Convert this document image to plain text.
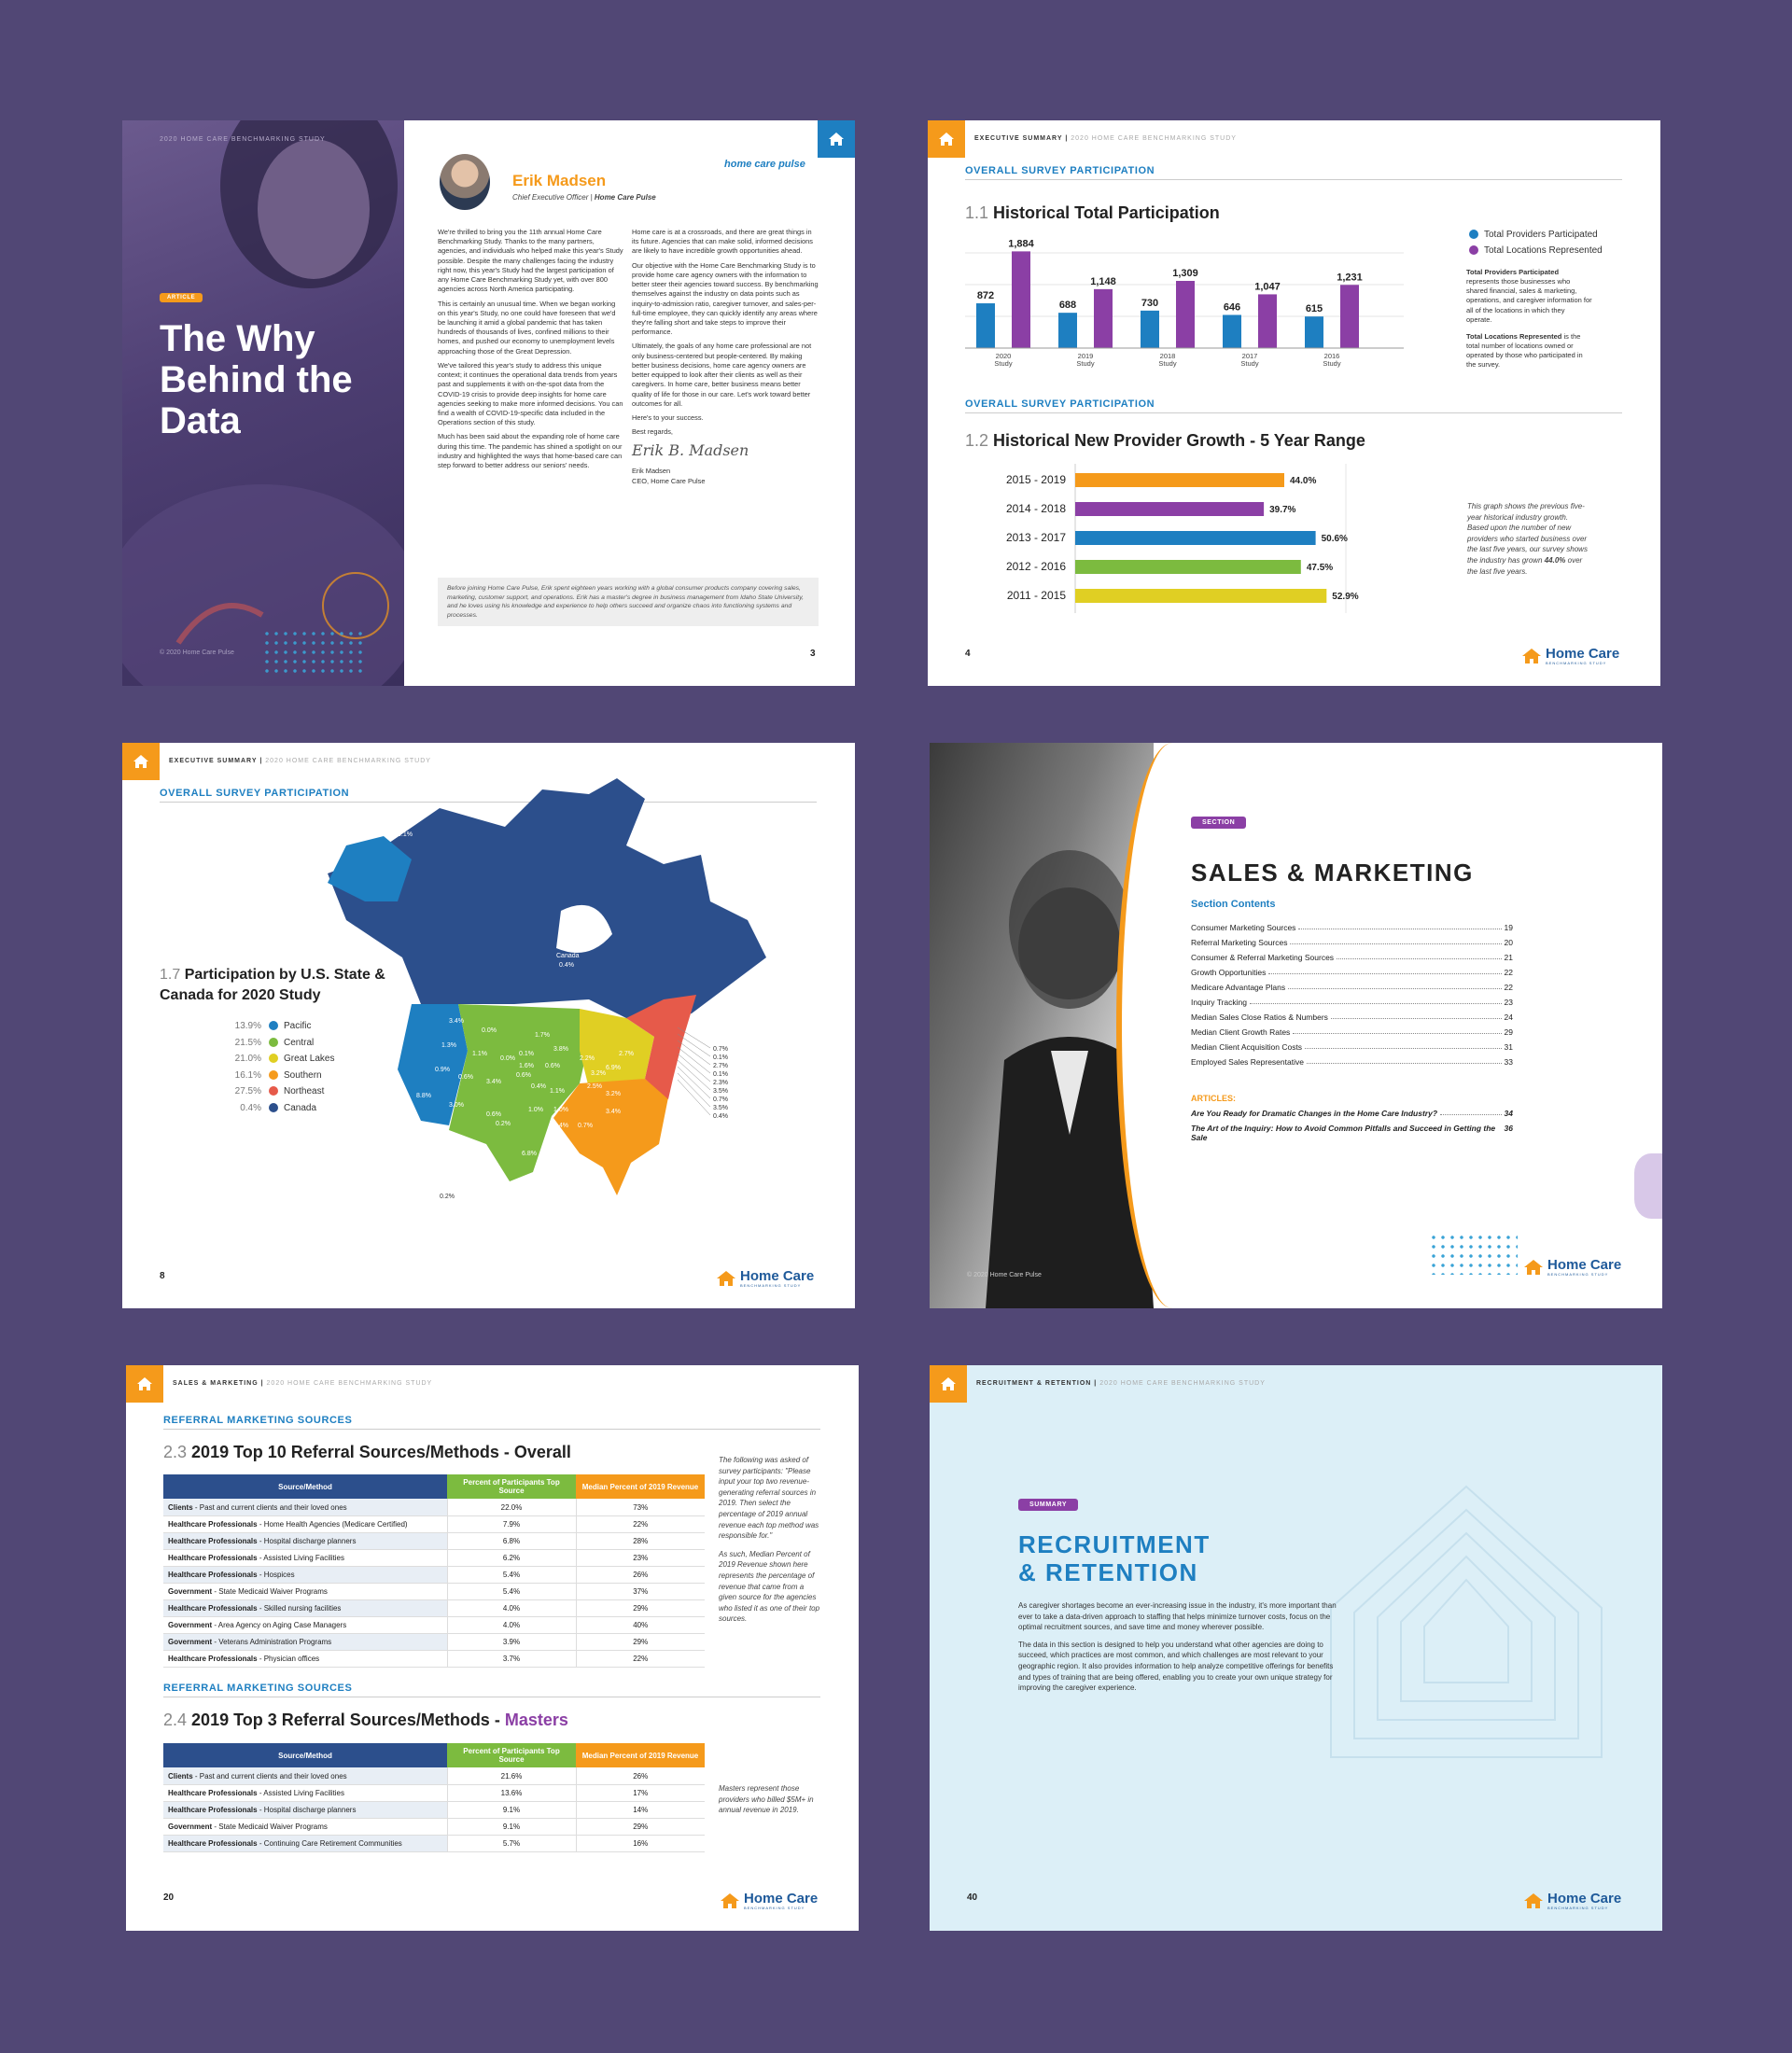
2020 HOME CARE BENCHMARKING STUDY
ARTICLE
The Why
Behind the
Data
© 2020 Home Care Pulse
Erik Madsen
Chief Executive Officer | Home Care Pulse
home care pulse

We're thrilled to bring you the 11th annual Home Care Benchmarking Study. Thanks to the many partners, agencies, and individuals who helped make this year's Study possible. Despite the many challenges facing the industry right now, this year's Study had the largest participation of any Home Care Benchmarking Study yet, with over 800 agencies across North America participating.

This is certainly an unusual time. When we began working on this year's Study, no one could have foreseen that we'd be launching it amid a global pandemic that has taken hundreds of thousands of lives, confined millions to their homes, and pushed our economy to unemployment levels approaching those of the Great Depression.

We've tailored this year's study to address this unique context; it continues the operational data trends from years past and supplements it with on-the-spot data from the COVID-19 crisis to provide deep insights for home care agencies seeking to make more informed decisions. You can find a wealth of COVID-19-specific data included in the Operations section of this study.

Much has been said about the expanding role of home care during this time. The pandemic has shined a spotlight on our industry and highlighted the ways that home-based care can step forward to better address our seniors' needs.

Home care is at a crossroads, and there are great things in its future. Agencies that can make solid, informed decisions are likely to have incredible growth opportunities ahead.

Our objective with the Home Care Benchmarking Study is to provide home care agency owners with the information to better steer their agencies toward success. By benchmarking themselves against the industry on data points such as inquiry-to-admission ratio, caregiver turnover, and sales-per-full-time employee, they can quickly identify any areas where they're falling short and take steps to improve their performance.

Ultimately, the goals of any home care professional are not only business-centered but people-centered. By making better business decisions, home care agency owners are better equipped to look after their clients as well as their caregivers. In home care, better business means better quality of life for those in our care. Let's work toward better outcomes for all.

Here's to your success.

Best regards,

Erik B. Madsen
Erik Madsen
CEO, Home Care Pulse
Before joining Home Care Pulse, Erik spent eighteen years working with a global consumer products company covering sales, marketing, customer support, and operations. Erik has a master's degree in business management from Idaho State University, and he loves using his knowledge and experience to help others succeed and organize chaos into functioning systems and processes.
3
EXECUTIVE SUMMARY | 2020 HOME CARE BENCHMARKING STUDY
OVERALL SURVEY PARTICIPATION
1.1 Historical Total Participation
872
1,884
2020
Study
688
1,148
2019
Study
730
1,309
2018
Study
646
1,047
2017
Study
615
1,231
2016
Study
Total Providers Participated
Total Locations Represented

Total Providers Participated represents those businesses who shared financial, sales & marketing, operations, and caregiver information for all of the locations in which they operate.

Total Locations Represented is the total number of locations owned or operated by those who participated in the survey.

OVERALL SURVEY PARTICIPATION
1.2 Historical New Provider Growth - 5 Year Range
2015 - 2019	44.0%
2014 - 2018	39.7%
2013 - 2017	50.6%
2012 - 2016	47.5%
2011 - 2015	52.9%
This graph shows the previous five-year historical industry growth. Based upon the number of new providers who started business over the last five years, our survey shows the industry has grown 44.0% over the last five years.
4	Home Care
BENCHMARKING STUDY
EXECUTIVE SUMMARY | 2020 HOME CARE BENCHMARKING STUDY
OVERALL SURVEY PARTICIPATION
0.1%
Canada
0.4%
3.4%
1.3%
8.8%
0.2%
0.0%
1.1%
0.0%
0.1%
0.9%
0.6%
3.4%
0.6%
3.0%
0.6%
6.8%
1.7%
3.8%
1.6% 0.6%
0.4%
1.1%
1.0% 1.0%
0.4% 0.7%
3.4%
2.2%
3.2%
2.5%
6.9%
2.7%
3.2%
0.2%
0.7%
0.1%
2.7%
0.1%
2.3%
3.5%
0.7%
3.5%
0.4%
1.7 Participation by U.S. State & Canada for 2020 Study
13.9% Pacific
21.5% Central
21.0% Great Lakes
16.1% Southern
27.5% Northeast
0.4% Canada
8	Home Care
BENCHMARKING STUDY
© 2020 Home Care Pulse
SECTION
SALES & MARKETING
Section Contents
Consumer Marketing Sources	19
Referral Marketing Sources	20
Consumer & Referral Marketing Sources	21
Growth Opportunities	22
Medicare Advantage Plans	22
Inquiry Tracking	23
Median Sales Close Ratios & Numbers	24
Median Client Growth Rates	29
Median Client Acquisition Costs	31
Employed Sales Representative	33
ARTICLES:
Are You Ready for Dramatic Changes in the Home Care Industry?	34
The Art of the Inquiry: How to Avoid Common Pitfalls and Succeed in Getting the Sale
36
Home Care
BENCHMARKING STUDY
SALES & MARKETING | 2020 HOME CARE BENCHMARKING STUDY
REFERRAL MARKETING SOURCES
2.3 2019 Top 10 Referral Sources/Methods - Overall
Source/Method	Percent of Participants Top Source	Median Percent of 2019 Revenue
Clients - Past and current clients and their loved ones	22.0%	73%
Healthcare Professionals - Home Health Agencies (Medicare Certified)	7.9%	22%
Healthcare Professionals - Hospital discharge planners	6.8%	28%
Healthcare Professionals - Assisted Living Facilities	6.2%	23%
Healthcare Professionals - Hospices	5.4%	26%
Government - State Medicaid Waiver Programs	5.4%	37%
Healthcare Professionals - Skilled nursing facilities	4.0%	29%
Government - Area Agency on Aging Case Managers	4.0%	40%
Government - Veterans Administration Programs	3.9%	29%
Healthcare Professionals - Physician offices	3.7%	22%

The following was asked of survey participants: "Please input your top two revenue-generating referral sources in 2019. Then select the percentage of 2019 annual revenue each top method was responsible for."

As such, Median Percent of 2019 Revenue shown here represents the percentage of revenue that came from a given source for the agencies who listed it as one of their top sources.

REFERRAL MARKETING SOURCES
2.4 2019 Top 3 Referral Sources/Methods - Masters
Source/Method	Percent of Participants Top Source	Median Percent of 2019 Revenue
Clients - Past and current clients and their loved ones	21.6%	26%
Healthcare Professionals - Assisted Living Facilities	13.6%	17%
Healthcare Professionals - Hospital discharge planners	9.1%	14%
Government - State Medicaid Waiver Programs	9.1%	29%
Healthcare Professionals - Continuing Care Retirement Communities	5.7%	16%
Masters represent those providers who billed $5M+ in annual revenue in 2019.
20	Home Care
BENCHMARKING STUDY
RECRUITMENT & RETENTION | 2020 HOME CARE BENCHMARKING STUDY
SUMMARY
RECRUITMENT
& RETENTION

As caregiver shortages become an ever-increasing issue in the industry, it's more important than ever to take a data-driven approach to staffing that helps minimize turnover costs, focus on the optimal recruitment sources, and save time and money wherever possible.

The data in this section is designed to help you understand what other agencies are doing to succeed, which practices are most common, and which challenges are most relevant to your geographic region. It also provides information to help analyze competitive offerings for benefits and types of training that are being offered, enabling you to create your own unique strategy for improving the caregiver experience.

40	Home Care
BENCHMARKING STUDY
